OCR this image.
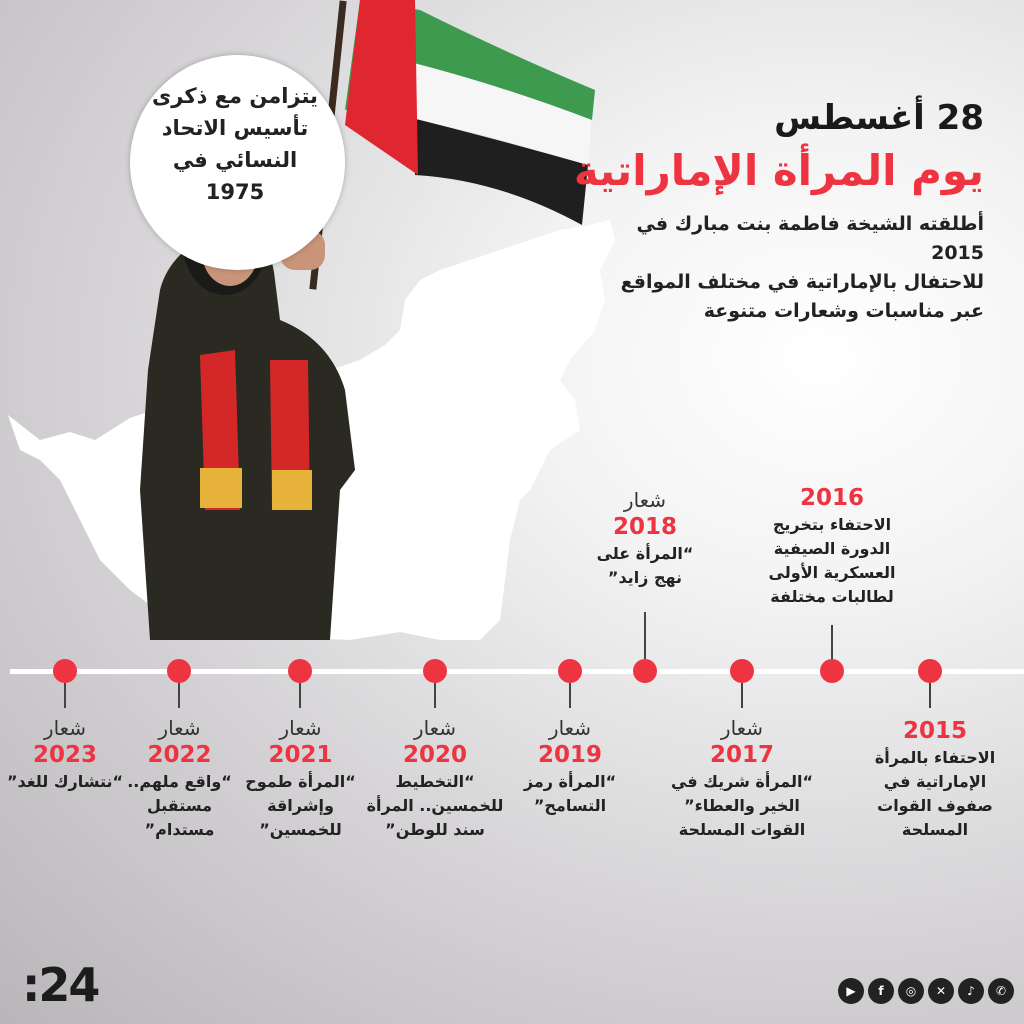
يتزامن مع ذكرى
تأسيس الاتحاد
النسائي في 1975
28 أغسطس
يوم المرأة الإماراتية
أطلقته الشيخة فاطمة بنت مبارك في 2015
للاحتفال بالإماراتية في مختلف المواقع
عبر مناسبات وشعارات متنوعة
شعار
2018
“المرأة على
نهج زايد”
2016
الاحتفاء بتخريج
الدورة الصيفية
العسكرية الأولى
لطالبات مختلفة
شعار
2023
“نتشارك للغد”
شعار
2022
“واقع ملهم..
مستقبل
مستدام”
شعار
2021
“المرأة طموح
وإشراقة
للخمسين”
شعار
2020
“التخطيط
للخمسين.. المرأة
سند للوطن”
شعار
2019
“المرأة رمز
التسامح”
شعار
2017
“المرأة شريك في
الخير والعطاء”
القوات المسلحة
2015
الاحتفاء بالمرأة
الإماراتية في
صفوف القوات
المسلحة
:24	▶	f	◎	✕	♪	✆
